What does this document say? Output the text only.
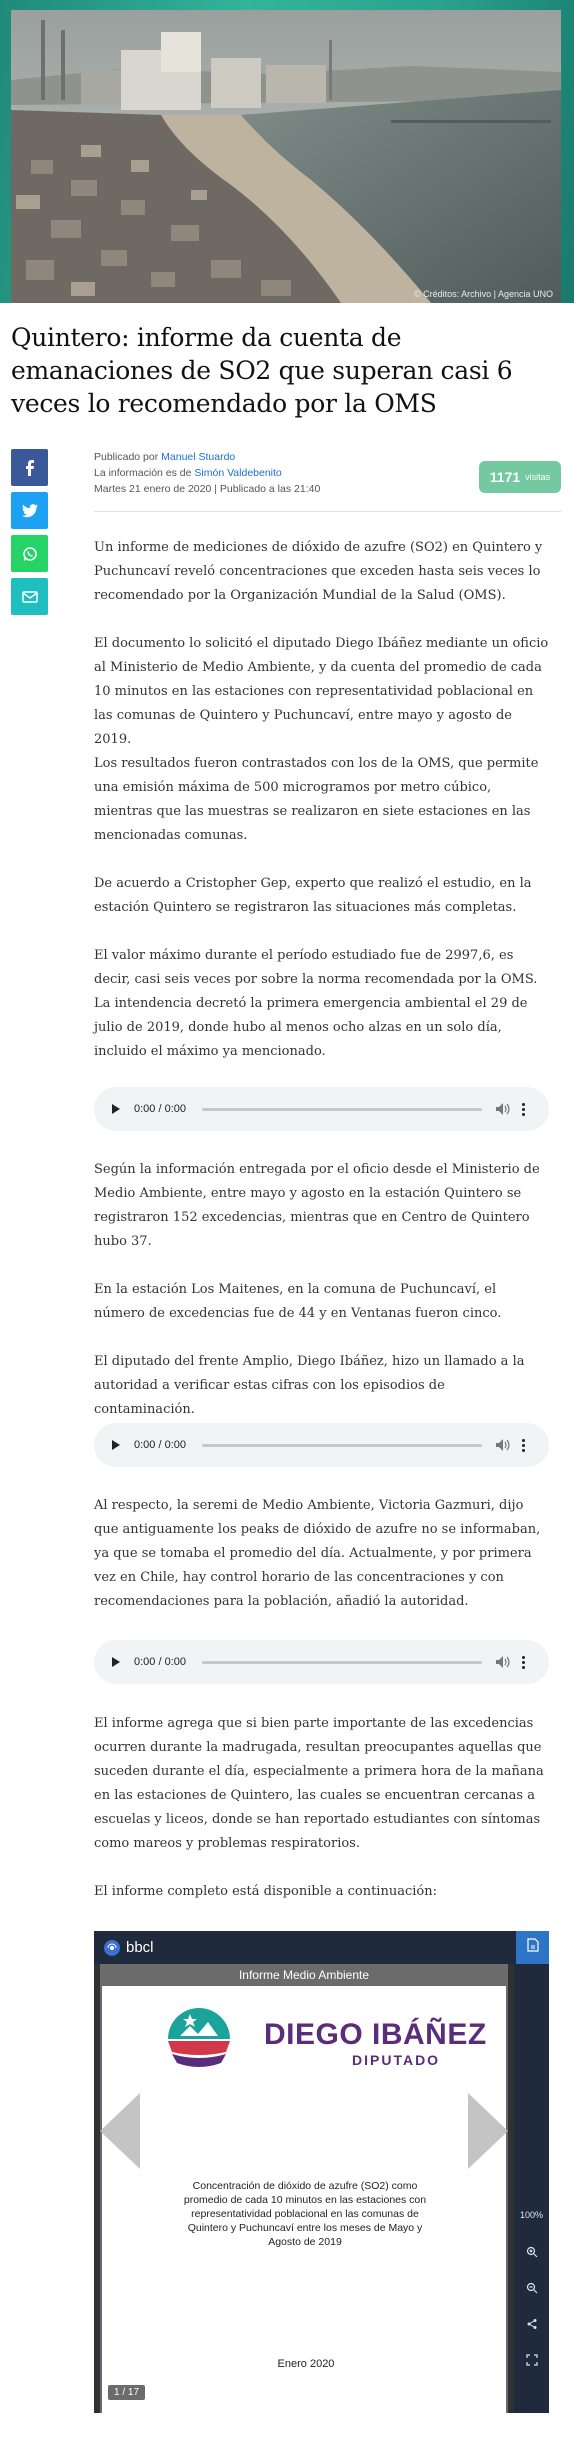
© Créditos: Archivo | Agencia UNO
Quintero: informe da cuenta de emanaciones de SO2 que superan casi 6 veces lo recomendado por la OMS
Publicado por Manuel Stuardo
La información es de Simón Valdebenito
Martes 21 enero de 2020 | Publicado a las 21:40
1171 visitas

Un informe de mediciones de dióxido de azufre (SO2) en Quintero y Puchuncaví reveló concentraciones que exceden hasta seis veces lo recomendado por la Organización Mundial de la Salud (OMS).

El documento lo solicitó el diputado Diego Ibáñez mediante un oficio al Ministerio de Medio Ambiente, y da cuenta del promedio de cada 10 minutos en las estaciones con representatividad poblacional en las comunas de Quintero y Puchuncaví, entre mayo y agosto de 2019.

Los resultados fueron contrastados con los de la OMS, que permite una emisión máxima de 500 microgramos por metro cúbico, mientras que las muestras se realizaron en siete estaciones en las mencionadas comunas.

De acuerdo a Cristopher Gep, experto que realizó el estudio, en la estación Quintero se registraron las situaciones más completas.

El valor máximo durante el período estudiado fue de 2997,6, es decir, casi seis veces por sobre la norma recomendada por la OMS. La intendencia decretó la primera emergencia ambiental el 29 de julio de 2019, donde hubo al menos ocho alzas en un solo día, incluido el máximo ya mencionado.

0:00 / 0:00

Según la información entregada por el oficio desde el Ministerio de Medio Ambiente, entre mayo y agosto en la estación Quintero se registraron 152 excedencias, mientras que en Centro de Quintero hubo 37.

En la estación Los Maitenes, en la comuna de Puchuncaví, el número de excedencias fue de 44 y en Ventanas fueron cinco.

El diputado del frente Amplio, Diego Ibáñez, hizo un llamado a la autoridad a verificar estas cifras con los episodios de contaminación.

0:00 / 0:00

Al respecto, la seremi de Medio Ambiente, Victoria Gazmuri, dijo que antiguamente los peaks de dióxido de azufre no se informaban, ya que se tomaba el promedio del día. Actualmente, y por primera vez en Chile, hay control horario de las concentraciones y con recomendaciones para la población, añadió la autoridad.

0:00 / 0:00

El informe agrega que si bien parte importante de las excedencias ocurren durante la madrugada, resultan preocupantes aquellas que suceden durante el día, especialmente a primera hora de la mañana en las estaciones de Quintero, las cuales se encuentran cercanas a escuelas y liceos, donde se han reportado estudiantes con síntomas como mareos y problemas respiratorios.

El informe completo está disponible a continuación:

bbcl
100%
Informe Medio Ambiente
DIEGO IBÁÑEZ
DIPUTADO
Concentración de dióxido de azufre (SO2) como promedio de cada 10 minutos en las estaciones con representatividad poblacional en las comunas de Quintero y Puchuncaví entre los meses de Mayo y Agosto de 2019
Enero 2020
1 / 17
